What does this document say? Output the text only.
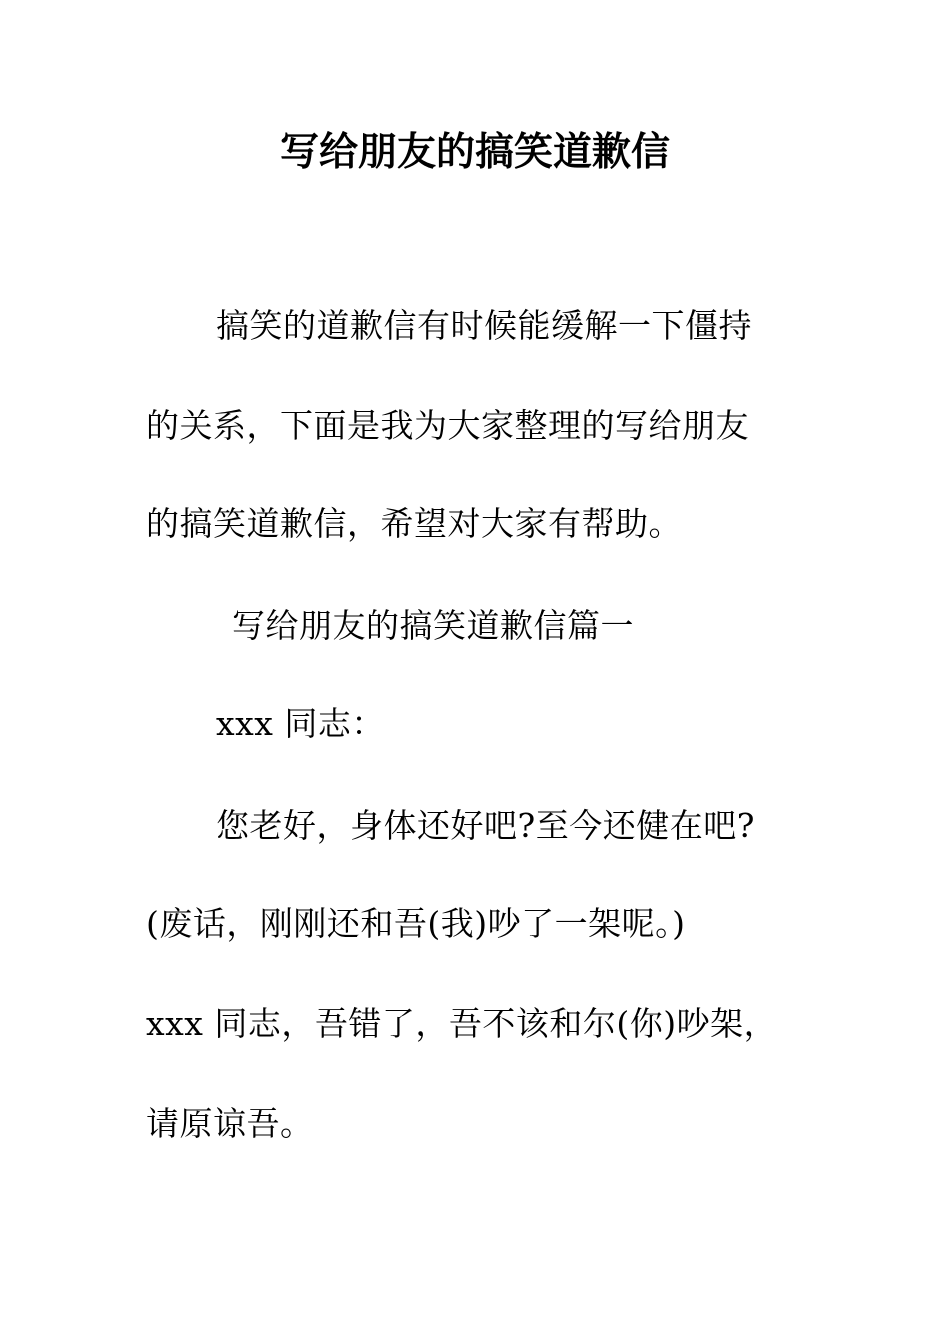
写给朋友的搞笑道歉信
搞笑的道歉信有时候能缓解一下僵持
的关系，下面是我为大家整理的写给朋友
的搞笑道歉信，希望对大家有帮助。
写给朋友的搞笑道歉信篇一
xxx 同志：
您老好，身体还好吧?至今还健在吧?
(废话，刚刚还和吾(我)吵了一架呢。)
xxx 同志，吾错了，吾不该和尔(你)吵架，
请原谅吾。
